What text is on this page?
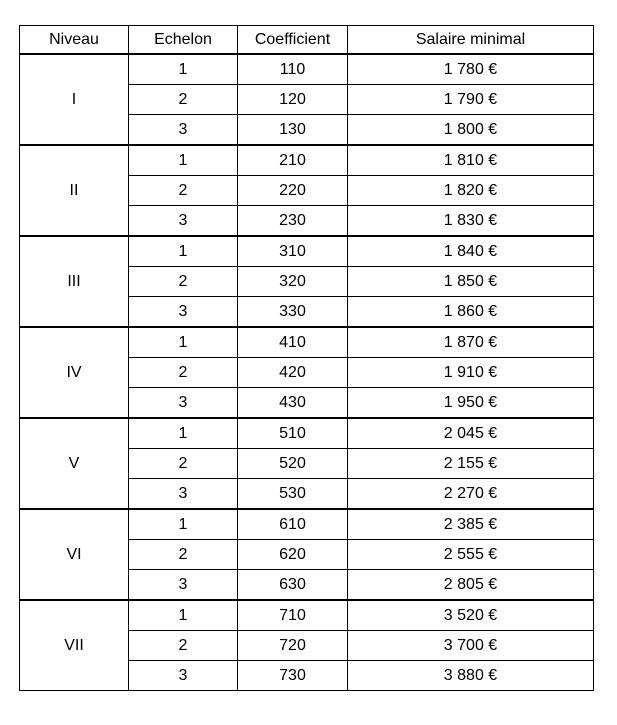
Niveau	Echelon	Coefficient	Salaire minimal
I	1	110	1 780 €
	2	120	1 790 €
	3	130	1 800 €
II	1	210	1 810 €
	2	220	1 820 €
	3	230	1 830 €
III	1	310	1 840 €
	2	320	1 850 €
	3	330	1 860 €
IV	1	410	1 870 €
	2	420	1 910 €
	3	430	1 950 €
V	1	510	2 045 €
	2	520	2 155 €
	3	530	2 270 €
VI	1	610	2 385 €
	2	620	2 555 €
	3	630	2 805 €
VII	1	710	3 520 €
	2	720	3 700 €
	3	730	3 880 €
